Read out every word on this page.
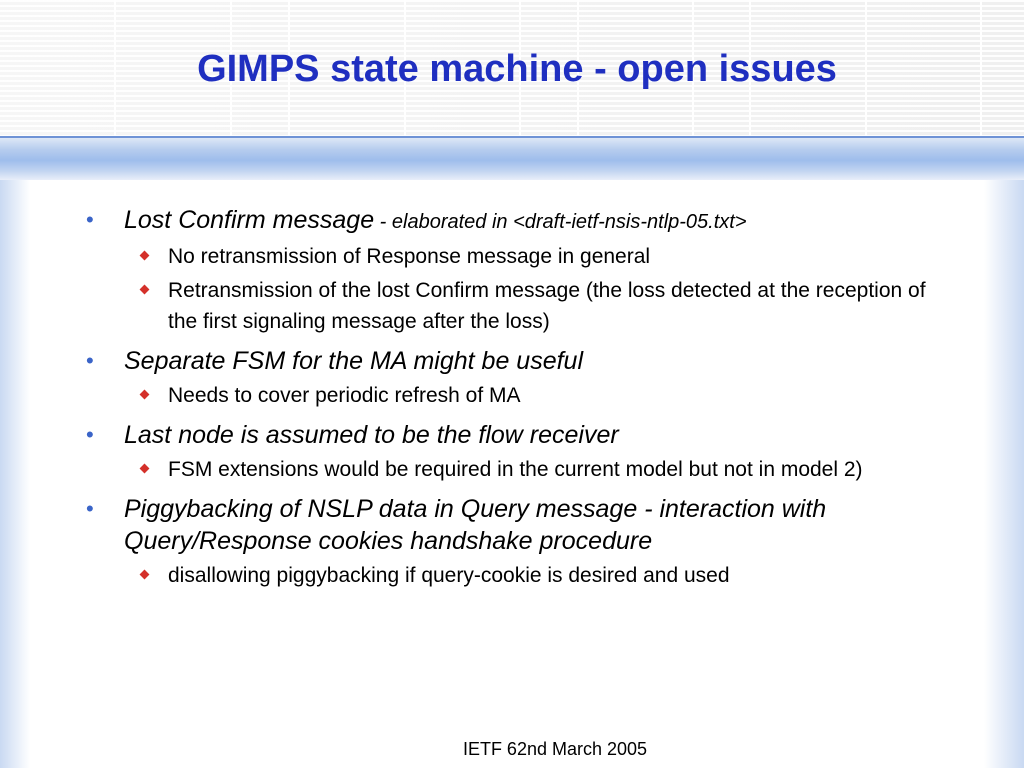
GIMPS state machine - open issues
• Lost Confirm message - elaborated in <draft-ietf-nsis-ntlp-05.txt>
No retransmission of Response message in general
Retransmission of the lost Confirm message (the loss detected at the reception of the first signaling message after the loss)
• Separate FSM for the MA might be useful
Needs to cover periodic refresh of MA
• Last node is assumed to be the flow receiver
FSM extensions would be required in the current model but not in model 2)
• Piggybacking of NSLP data in Query message - interaction with Query/Response cookies handshake procedure
disallowing piggybacking if query-cookie is desired and used
IETF 62nd March 2005
